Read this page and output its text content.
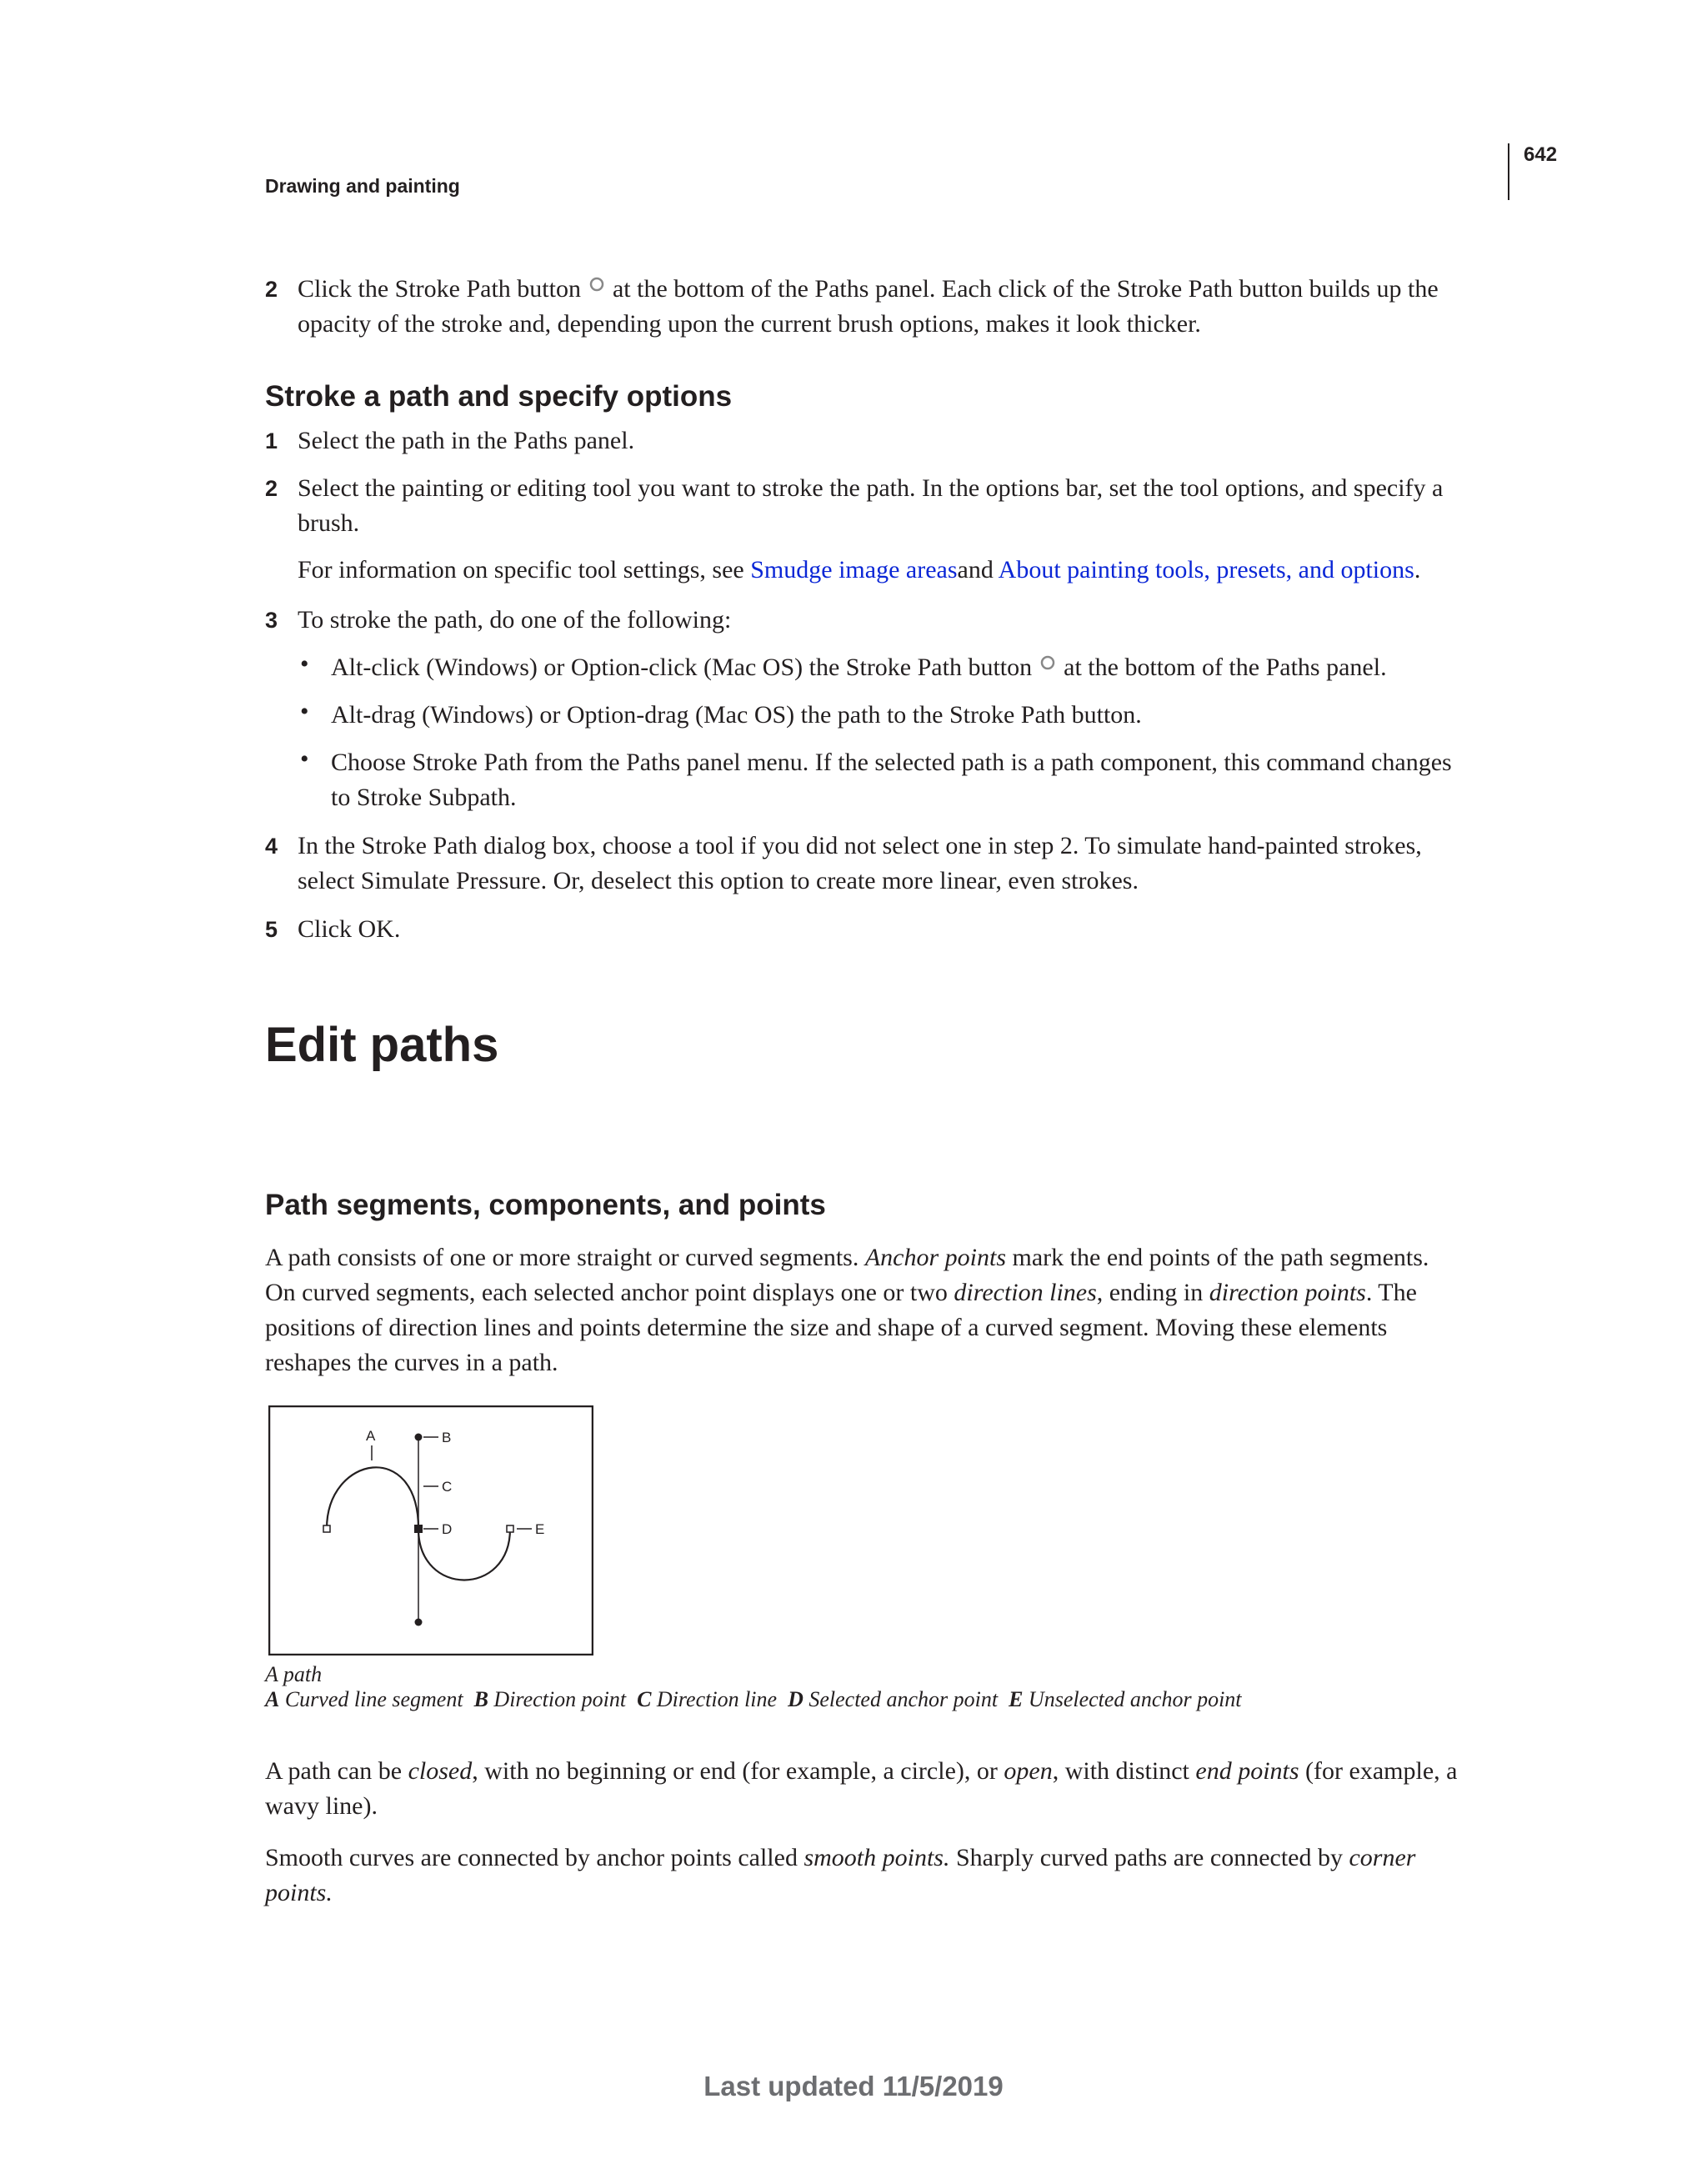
642
Drawing and painting
2 Click the Stroke Path button at the bottom of the Paths panel. Each click of the Stroke Path button builds up the
opacity of the stroke and, depending upon the current brush options, makes it look thicker.
Stroke a path and specify options
1 Select the path in the Paths panel.
2 Select the painting or editing tool you want to stroke the path. In the options bar, set the tool options, and specify a
brush.
For information on specific tool settings, see Smudge image areasand About painting tools, presets, and options.
3 To stroke the path, do one of the following:
• Alt-click (Windows) or Option-click (Mac OS) the Stroke Path button at the bottom of the Paths panel.
• Alt-drag (Windows) or Option-drag (Mac OS) the path to the Stroke Path button.
• Choose Stroke Path from the Paths panel menu. If the selected path is a path component, this command changes
to Stroke Subpath.
4 In the Stroke Path dialog box, choose a tool if you did not select one in step 2. To simulate hand-painted strokes,
select Simulate Pressure. Or, deselect this option to create more linear, even strokes.
5 Click OK.
Edit paths
Path segments, components, and points
A path consists of one or more straight or curved segments. Anchor points mark the end points of the path segments.
On curved segments, each selected anchor point displays one or two direction lines, ending in direction points. The
positions of direction lines and points determine the size and shape of a curved segment. Moving these elements
reshapes the curves in a path.
A	B
C
D	E
A path
A Curved line segment B Direction point C Direction line D Selected anchor point E Unselected anchor point
A path can be closed, with no beginning or end (for example, a circle), or open, with distinct end points (for example, a
wavy line).
Smooth curves are connected by anchor points called smooth points. Sharply curved paths are connected by corner
points.
Last updated 11/5/2019
